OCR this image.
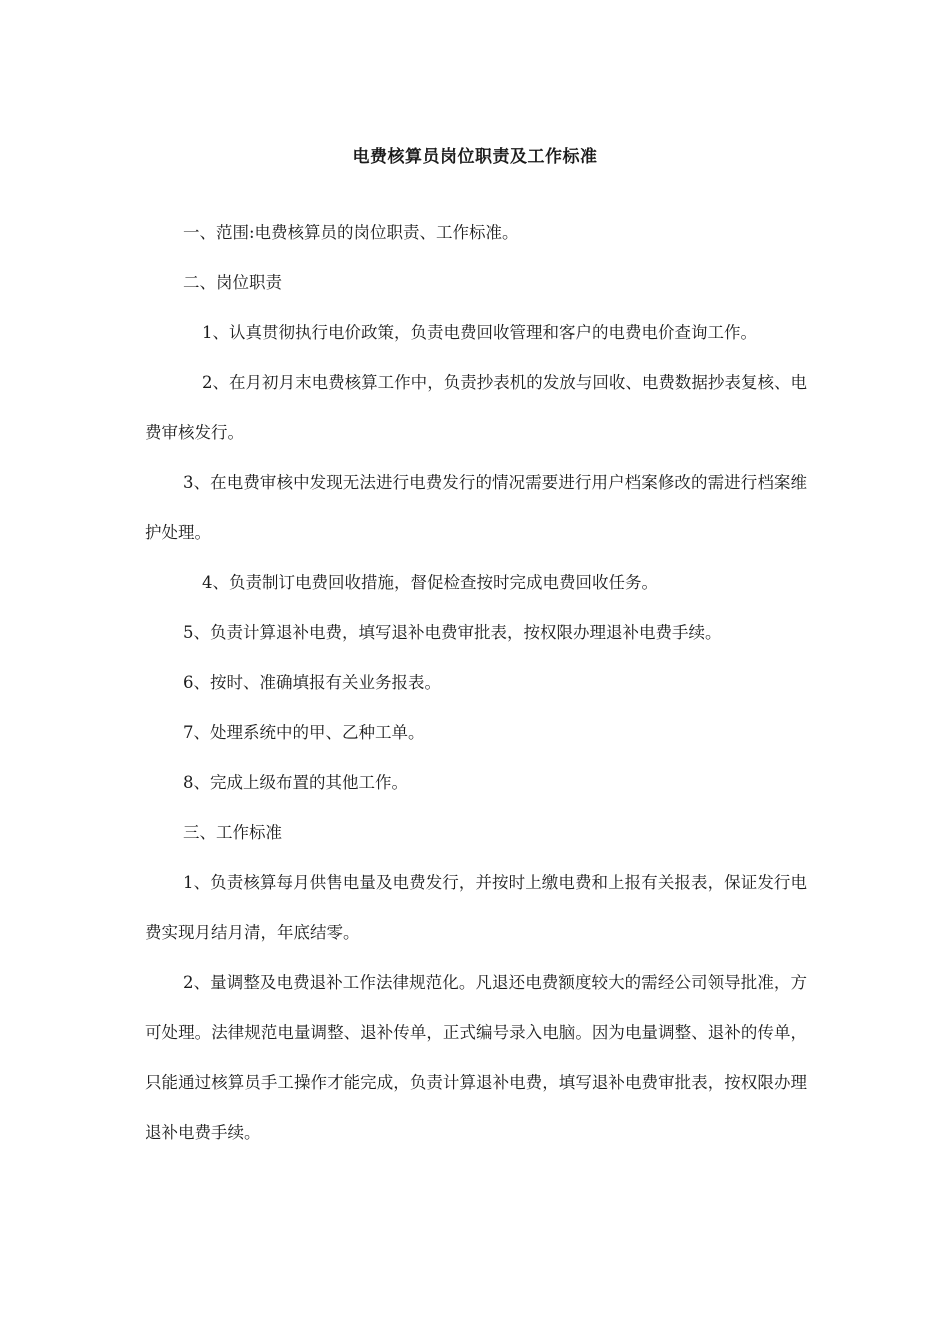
电费核算员岗位职责及工作标准

一、范围:电费核算员的岗位职责、工作标准。

二、岗位职责

1、认真贯彻执行电价政策，负责电费回收管理和客户的电费电价查询工作。

2、在月初月末电费核算工作中，负责抄表机的发放与回收、电费数据抄表复核、电费审核发行。

3、在电费审核中发现无法进行电费发行的情况需要进行用户档案修改的需进行档案维护处理。

4、负责制订电费回收措施，督促检查按时完成电费回收任务。

5、负责计算退补电费，填写退补电费审批表，按权限办理退补电费手续。

6、按时、准确填报有关业务报表。

7、处理系统中的甲、乙种工单。

8、完成上级布置的其他工作。

三、工作标准

1、负责核算每月供售电量及电费发行，并按时上缴电费和上报有关报表，保证发行电费实现月结月清，年底结零。

2、量调整及电费退补工作法律规范化。凡退还电费额度较大的需经公司领导批准，方可处理。法律规范电量调整、退补传单，正式编号录入电脑。因为电量调整、退补的传单，只能通过核算员手工操作才能完成，负责计算退补电费，填写退补电费审批表，按权限办理退补电费手续。
